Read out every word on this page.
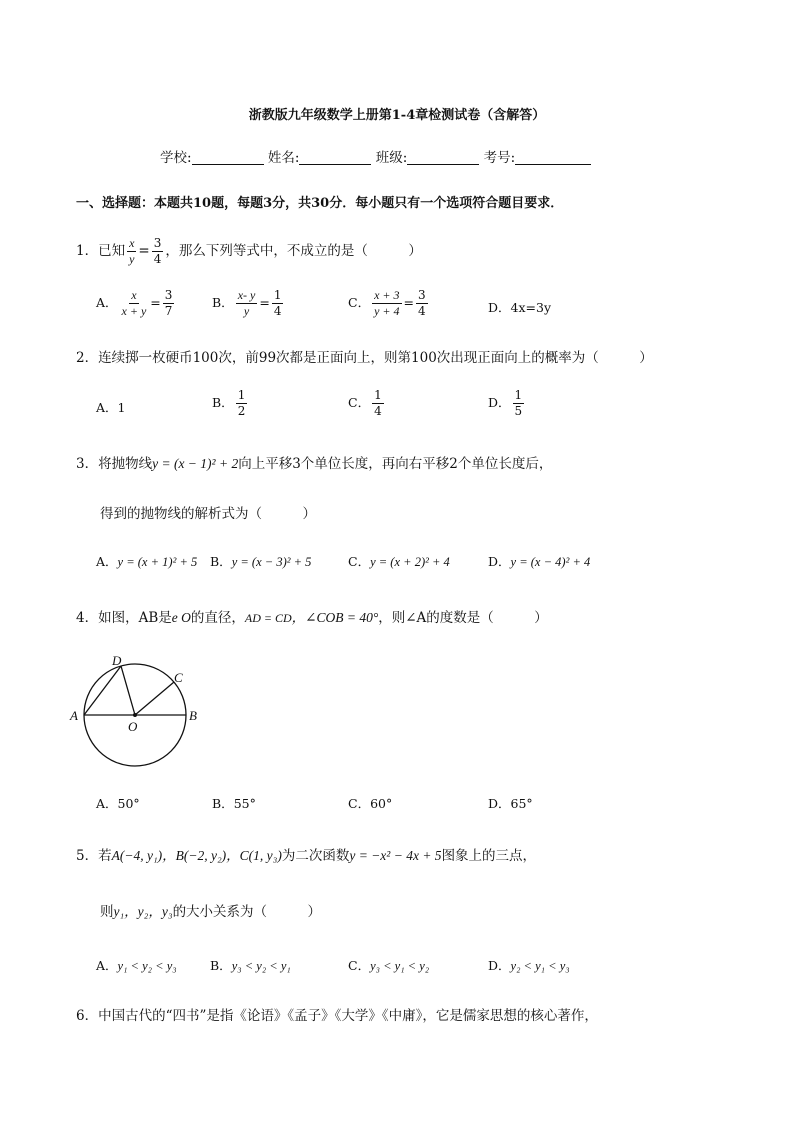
浙教版九年级数学上册第1-4章检测试卷（含解答）
学校:	姓名:	班级:	考号:
一、选择题：本题共10题，每题3分，共30分．每小题只有一个选项符合题目要求．
1．已知 $\frac{x}{y} = \frac{3}{4}$ ，那么下列等式中，不成立的是（　　　）
A． $\frac{x}{x + y} = \frac{3}{7}$	B． $\frac{x- y}{y} = \frac{1}{4}$	C． $\frac{x + 3}{y + 4} = \frac{3}{4}$	D．4x=3y
2．连续掷一枚硬币100次，前99次都是正面向上，则第100次出现正面向上的概率为（　　　）
A．1	B． $\frac{1}{2}$	C． $\frac{1}{4}$	D． $\frac{1}{5}$
3．将抛物线y = (x − 1)² + 2向上平移3个单位长度，再向右平移2个单位长度后，
得到的抛物线的解析式为（　　　）
A．y = (x + 1)² + 5 B．y = (x − 3)² + 5	C．y = (x + 2)² + 4	D．y = (x − 4)² + 4
4．如图，AB是e O的直径，AD = CD，∠COB = 40°，则∠A的度数是（　　　）
A	B
C
D
O
A．50°	B．55°	C．60°	D．65°
5．若A(−4, y₁)，B(−2, y₂)，C(1, y₃)为二次函数y = −x² − 4x + 5图象上的三点，
则y₁，y₂，y₃的大小关系为（　　　）
A．y₁ < y₂ < y₃	B．y₃ < y₂ < y₁	C．y₃ < y₁ < y₂	D．y₂ < y₁ < y₃
6．中国古代的“四书”是指《论语》《孟子》《大学》《中庸》，它是儒家思想的核心著作，
